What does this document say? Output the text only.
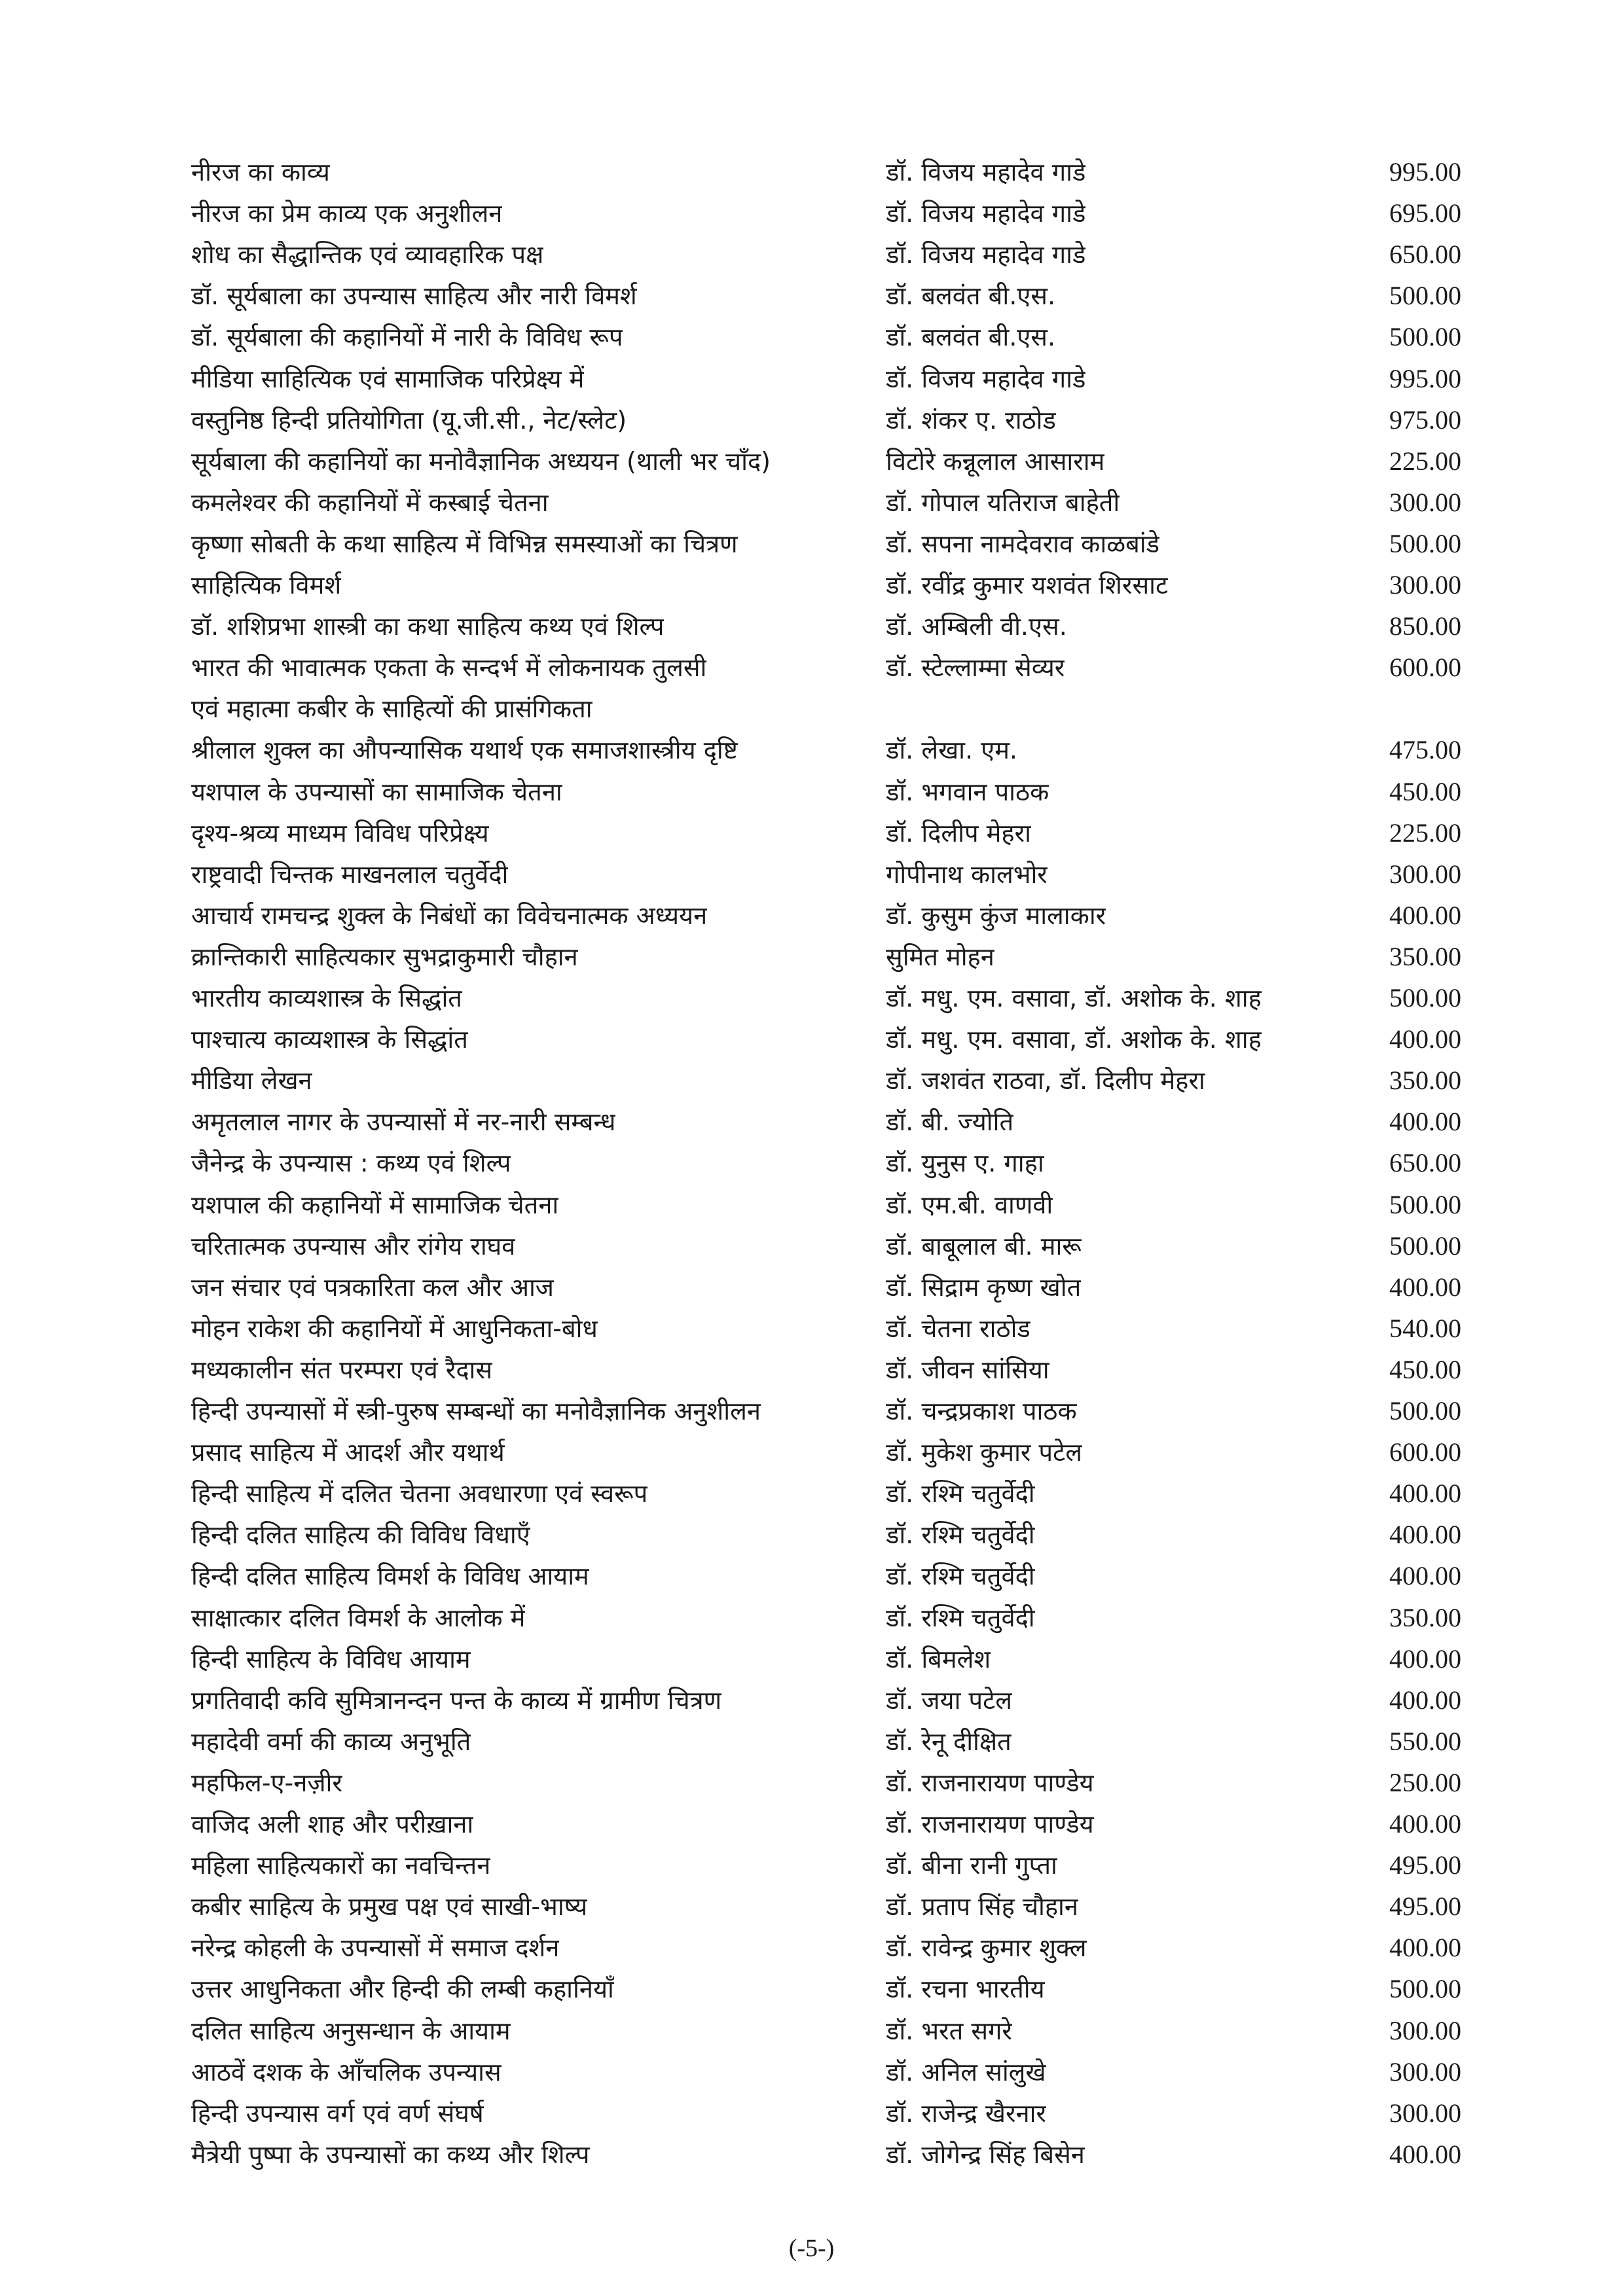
नीरज का काव्य	डॉ. विजय महादेव गाडे	995.00
नीरज का प्रेम काव्य एक अनुशीलन	डॉ. विजय महादेव गाडे	695.00
शोध का सैद्धान्तिक एवं व्यावहारिक पक्ष	डॉ. विजय महादेव गाडे	650.00
डॉ. सूर्यबाला का उपन्यास साहित्य और नारी विमर्श	डॉ. बलवंत बी.एस.	500.00
डॉ. सूर्यबाला की कहानियों में नारी के विविध रूप	डॉ. बलवंत बी.एस.	500.00
मीडिया साहित्यिक एवं सामाजिक परिप्रेक्ष्य में	डॉ. विजय महादेव गाडे	995.00
वस्तुनिष्ठ हिन्दी प्रतियोगिता (यू.जी.सी., नेट/स्लेट)	डॉ. शंकर ए. राठोड	975.00
सूर्यबाला की कहानियों का मनोवैज्ञानिक अध्ययन (थाली भर चाँद)	विटोरे कन्नूलाल आसाराम	225.00
कमलेश्वर की कहानियों में कस्बाई चेतना	डॉ. गोपाल यतिराज बाहेती	300.00
कृष्णा सोबती के कथा साहित्य में विभिन्न समस्याओं का चित्रण	डॉ. सपना नामदेवराव काळबांडे	500.00
साहित्यिक विमर्श	डॉ. रवींद्र कुमार यशवंत शिरसाट	300.00
डॉ. शशिप्रभा शास्त्री का कथा साहित्य कथ्य एवं शिल्प	डॉ. अम्बिली वी.एस.	850.00
भारत की भावात्मक एकता के सन्दर्भ में लोकनायक तुलसी	डॉ. स्टेल्लाम्मा सेव्यर	600.00
एवं महात्मा कबीर के साहित्यों की प्रासंगिकता
श्रीलाल शुक्ल का औपन्यासिक यथार्थ एक समाजशास्त्रीय दृष्टि	डॉ. लेखा. एम.	475.00
यशपाल के उपन्यासों का सामाजिक चेतना	डॉ. भगवान पाठक	450.00
दृश्य-श्रव्य माध्यम विविध परिप्रेक्ष्य	डॉ. दिलीप मेहरा	225.00
राष्ट्रवादी चिन्तक माखनलाल चतुर्वेदी	गोपीनाथ कालभोर	300.00
आचार्य रामचन्द्र शुक्ल के निबंधों का विवेचनात्मक अध्ययन	डॉ. कुसुम कुंज मालाकार	400.00
क्रान्तिकारी साहित्यकार सुभद्राकुमारी चौहान	सुमित मोहन	350.00
भारतीय काव्यशास्त्र के सिद्धांत	डॉ. मधु. एम. वसावा, डॉ. अशोक के. शाह	500.00
पाश्चात्य काव्यशास्त्र के सिद्धांत	डॉ. मधु. एम. वसावा, डॉ. अशोक के. शाह	400.00
मीडिया लेखन	डॉ. जशवंत राठवा, डॉ. दिलीप मेहरा	350.00
अमृतलाल नागर के उपन्यासों में नर-नारी सम्बन्ध	डॉ. बी. ज्योति	400.00
जैनेन्द्र के उपन्यास : कथ्य एवं शिल्प	डॉ. युनुस ए. गाहा	650.00
यशपाल की कहानियों में सामाजिक चेतना	डॉ. एम.बी. वाणवी	500.00
चरितात्मक उपन्यास और रांगेय राघव	डॉ. बाबूलाल बी. मारू	500.00
जन संचार एवं पत्रकारिता कल और आज	डॉ. सिद्राम कृष्ण खोत	400.00
मोहन राकेश की कहानियों में आधुनिकता-बोध	डॉ. चेतना राठोड	540.00
मध्यकालीन संत परम्परा एवं रैदास	डॉ. जीवन सांसिया	450.00
हिन्दी उपन्यासों में स्त्री-पुरुष सम्बन्धों का मनोवैज्ञानिक अनुशीलन	डॉ. चन्द्रप्रकाश पाठक	500.00
प्रसाद साहित्य में आदर्श और यथार्थ	डॉ. मुकेश कुमार पटेल	600.00
हिन्दी साहित्य में दलित चेतना अवधारणा एवं स्वरूप	डॉ. रश्मि चतुर्वेदी	400.00
हिन्दी दलित साहित्य की विविध विधाएँ	डॉ. रश्मि चतुर्वेदी	400.00
हिन्दी दलित साहित्य विमर्श के विविध आयाम	डॉ. रश्मि चतुर्वेदी	400.00
साक्षात्कार दलित विमर्श के आलोक में	डॉ. रश्मि चतुर्वेदी	350.00
हिन्दी साहित्य के विविध आयाम	डॉ. बिमलेश	400.00
प्रगतिवादी कवि सुमित्रानन्दन पन्त के काव्य में ग्रामीण चित्रण	डॉ. जया पटेल	400.00
महादेवी वर्मा की काव्य अनुभूति	डॉ. रेनू दीक्षित	550.00
महफिल-ए-नज़ीर	डॉ. राजनारायण पाण्डेय	250.00
वाजिद अली शाह और परीख़ाना	डॉ. राजनारायण पाण्डेय	400.00
महिला साहित्यकारों का नवचिन्तन	डॉ. बीना रानी गुप्ता	495.00
कबीर साहित्य के प्रमुख पक्ष एवं साखी-भाष्य	डॉ. प्रताप सिंह चौहान	495.00
नरेन्द्र कोहली के उपन्यासों में समाज दर्शन	डॉ. रावेन्द्र कुमार शुक्ल	400.00
उत्तर आधुनिकता और हिन्दी की लम्बी कहानियाँ	डॉ. रचना भारतीय	500.00
दलित साहित्य अनुसन्धान के आयाम	डॉ. भरत सगरे	300.00
आठवें दशक के आँचलिक उपन्यास	डॉ. अनिल सांलुखे	300.00
हिन्दी उपन्यास वर्ग एवं वर्ण संघर्ष	डॉ. राजेन्द्र खैरनार	300.00
मैत्रेयी पुष्पा के उपन्यासों का कथ्य और शिल्प	डॉ. जोगेन्द्र सिंह बिसेन	400.00
(-5-)
